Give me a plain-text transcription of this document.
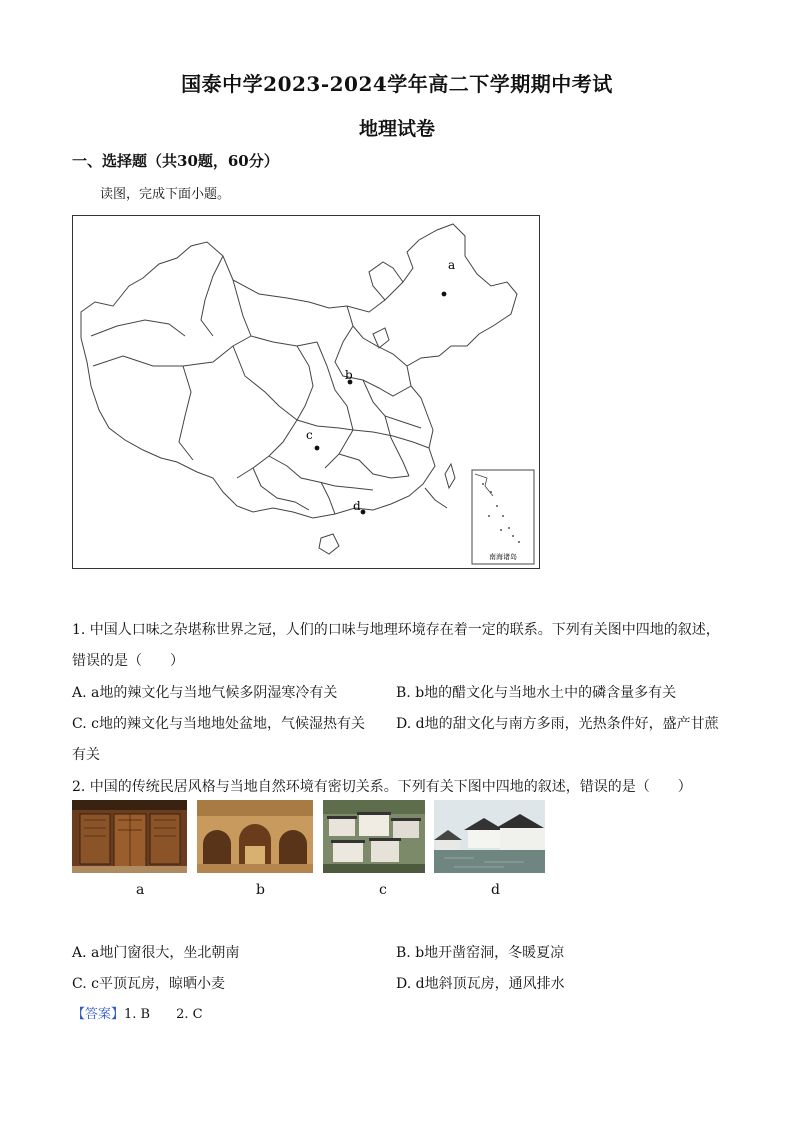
国泰中学2023-2024学年高二下学期期中考试
地理试卷
一、选择题（共30题，60分）
读图，完成下面小题。
a
b
c
d
南海诸岛
1. 中国人口味之杂堪称世界之冠，人们的口味与地理环境存在着一定的联系。下列有关图中四地的叙述，
错误的是（　　）
A. a地的辣文化与当地气候多阴湿寒冷有关	B. b地的醋文化与当地水土中的磷含量多有关
C. c地的辣文化与当地地处盆地，气候湿热有关 D. d地的甜文化与南方多雨，光热条件好，盛产甘蔗
有关
2. 中国的传统民居风格与当地自然环境有密切关系。下列有关下图中四地的叙述，错误的是（　　）
a	b	c	d
A. a地门窗很大，坐北朝南	B. b地开凿窑洞，冬暖夏凉
C. c平顶瓦房，晾晒小麦	D. d地斜顶瓦房，通风排水
【答案】1. B　　2. C
